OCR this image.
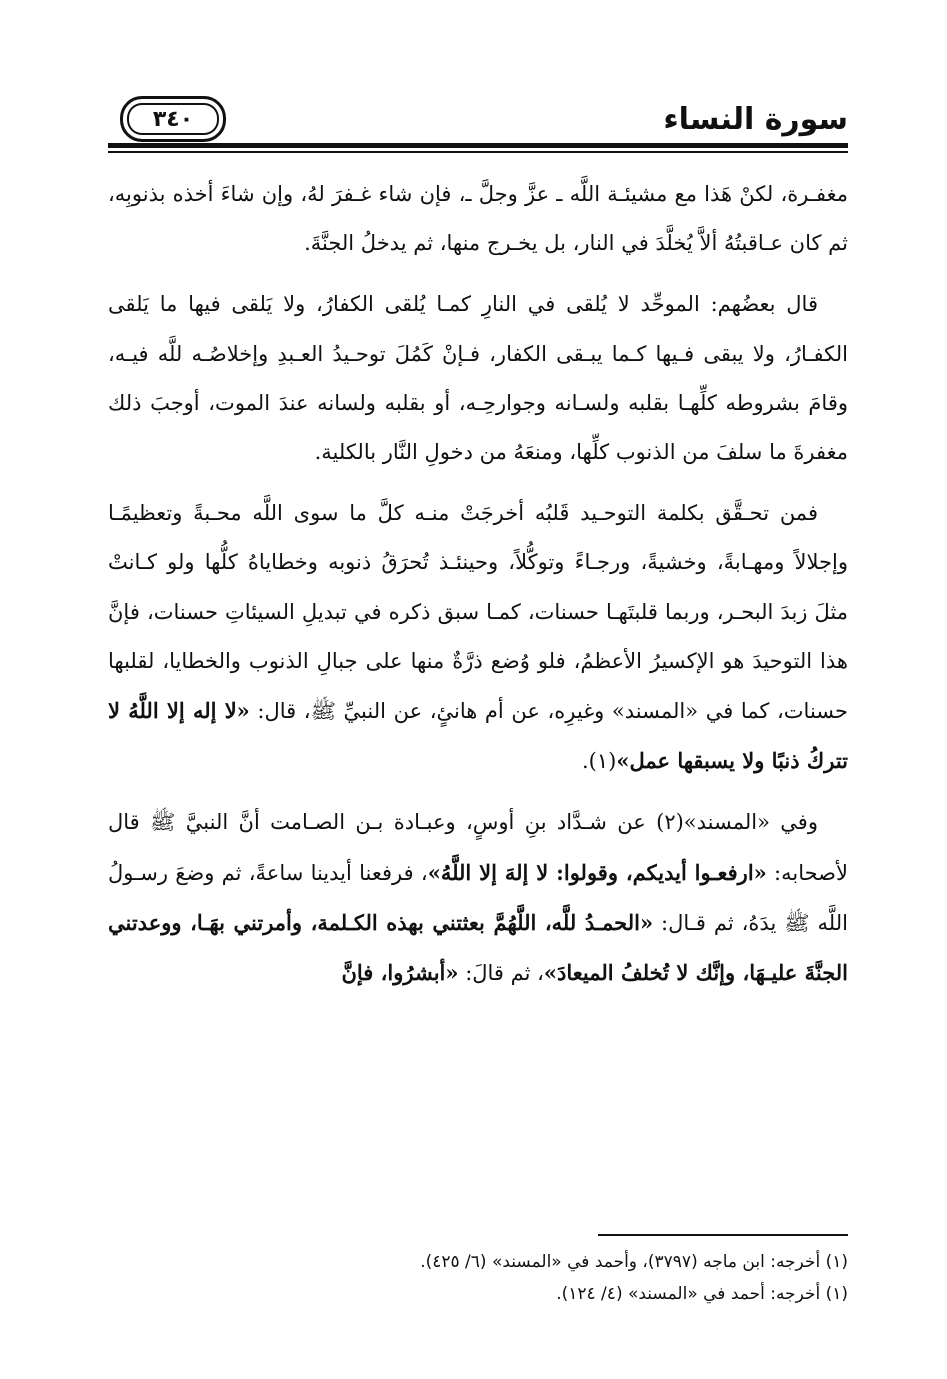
سورة النساء
٣٤٠

مغفـرة، لكنْ هَذا مع مشيئـة اللَّه ـ عزَّ وجلَّ ـ، فإن شاء غـفرَ لهُ، وإن شاءَ أخذه بذنوبِه، ثم كان عـاقبتُهُ ألاَّ يُخلَّدَ في النار، بل يخـرج منها، ثم يدخلُ الجنَّةَ.

قال بعضُهم: الموحِّد لا يُلقى في النارِ كمـا يُلقى الكفارُ، ولا يَلقى فيها ما يَلقى الكفـارُ، ولا يبقى فـيها كـما يبـقى الكفار، فـإنْ كَمُلَ توحـيدُ العـبدِ وإخلاصُـه للَّه فيـه، وقامَ بشروطه كلِّهـا بقلبه ولسـانه وجوارحِـه، أو بقلبه ولسانه عندَ الموت، أوجبَ ذلك مغفرةَ ما سلفَ من الذنوب كلِّها، ومنعَهُ من دخولِ النَّار بالكلية.

فمن تحـقَّق بكلمة التوحـيد قَلبُه أخرجَتْ منـه كلَّ ما سوى اللَّه محـبةً وتعظيمًـا وإجلالاً ومهـابةً، وخشيةً، ورجـاءً وتوكُّلاً، وحينئـذ تُحرَقُ ذنوبه وخطاياهُ كلُّها ولو كـانتْ مثلَ زبدَ البحـر، وربما قلبتَهـا حسنات، كمـا سبق ذكره في تبديلِ السيئاتِ حسنات، فإنَّ هذا التوحيدَ هو الإكسيرُ الأعظمُ، فلو وُضع ذرَّةٌ منها على جبالِ الذنوب والخطايا، لقلبها حسنات، كما في «المسند» وغيرِه، عن أم هانئٍ، عن النبيِّ ﷺ، قال: «لا إله إلا اللَّهُ لا تتركُ ذنبًا ولا يسبقها عمل»(١).

وفي «المسند»(٢) عن شـدَّاد بنِ أوسٍ، وعبـادة بـن الصـامت أنَّ النبيَّ ﷺ قال لأصحابه: «ارفعـوا أيديكم، وقولوا: لا إلهَ إلا اللَّهُ»، فرفعنا أيدينا ساعةً، ثم وضعَ رسـولُ اللَّه ﷺ يدَهُ، ثم قـال: «الحمـدُ للَّه، اللَّهُمَّ بعثتني بهذه الكـلمة، وأمرتني بهَـا، ووعدتني الجنَّةَ عليـهَا، وإنَّك لا تُخلفُ الميعادَ»، ثم قالَ: «أبشرُوا، فإنَّ

(١) أخرجه: ابن ماجه (٣٧٩٧)، وأحمد في «المسند» (٦/ ٤٢٥).

(١) أخرجه: أحمد في «المسند» (٤/ ١٢٤).
